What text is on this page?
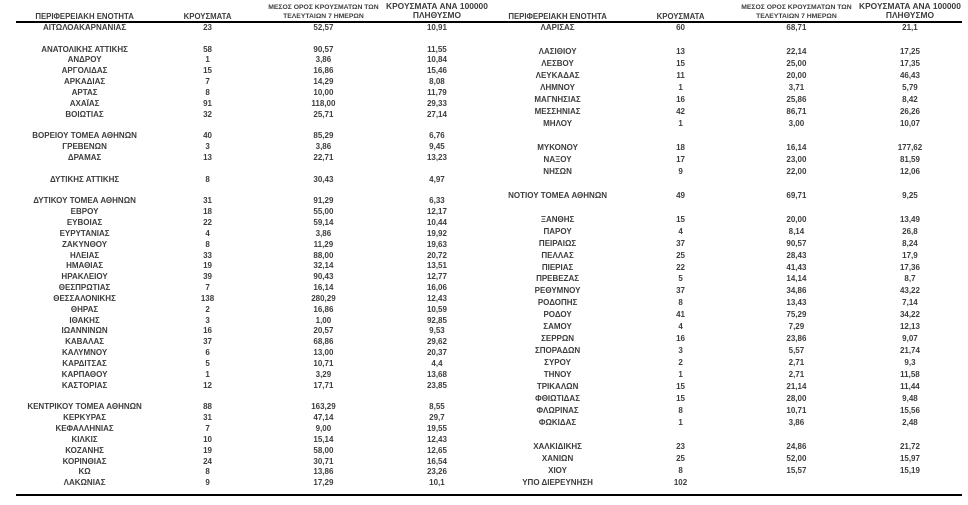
ΠΕΡΙΦΕΡΕΙΑΚΗ ΕΝΟΤΗΤΑ	ΚΡΟΥΣΜΑΤΑ

ΜΕΣΟΣ ΟΡΟΣ ΚΡΟΥΣΜΑΤΩΝ ΤΩΝ
ΤΕΛΕΥΤΑΙΩΝ 7 ΗΜΕΡΩΝ

ΚΡΟΥΣΜΑΤΑ ΑΝΑ 100000
ΠΛΗΘΥΣΜΟ

ΑΙΤΩΛΟΑΚΑΡΝΑΝΙΑΣ	23	52,57	10,91

ΑΝΑΤΟΛΙΚΗΣ ΑΤΤΙΚΗΣ	58	90,57	11,55
ΑΝΔΡΟΥ	1	3,86	10,84
ΑΡΓΟΛΙΔΑΣ	15	16,86	15,46
ΑΡΚΑΔΙΑΣ	7	14,29	8,08
ΑΡΤΑΣ	8	10,00	11,79
ΑΧΑΪΑΣ	91	118,00	29,33
ΒΟΙΩΤΙΑΣ	32	25,71	27,14

ΒΟΡΕΙΟΥ ΤΟΜΕΑ ΑΘΗΝΩΝ	40	85,29	6,76
ΓΡΕΒΕΝΩΝ	3	3,86	9,45
ΔΡΑΜΑΣ	13	22,71	13,23

ΔΥΤΙΚΗΣ ΑΤΤΙΚΗΣ	8	30,43	4,97

ΔΥΤΙΚΟΥ ΤΟΜΕΑ ΑΘΗΝΩΝ	31	91,29	6,33
ΕΒΡΟΥ	18	55,00	12,17
ΕΥΒΟΙΑΣ	22	59,14	10,44
ΕΥΡΥΤΑΝΙΑΣ	4	3,86	19,92
ΖΑΚΥΝΘΟΥ	8	11,29	19,63
ΗΛΕΙΑΣ	33	88,00	20,72
ΗΜΑΘΙΑΣ	19	32,14	13,51
ΗΡΑΚΛΕΙΟΥ	39	90,43	12,77
ΘΕΣΠΡΩΤΙΑΣ	7	16,14	16,06
ΘΕΣΣΑΛΟΝΙΚΗΣ	138	280,29	12,43
ΘΗΡΑΣ	2	16,86	10,59
ΙΘΑΚΗΣ	3	1,00	92,85
ΙΩΑΝΝΙΝΩΝ	16	20,57	9,53
ΚΑΒΑΛΑΣ	37	68,86	29,62
ΚΑΛΥΜΝΟΥ	6	13,00	20,37
ΚΑΡΔΙΤΣΑΣ	5	10,71	4,4
ΚΑΡΠΑΘΟΥ	1	3,29	13,68
ΚΑΣΤΟΡΙΑΣ	12	17,71	23,85

ΚΕΝΤΡΙΚΟΥ ΤΟΜΕΑ ΑΘΗΝΩΝ	88	163,29	8,55
ΚΕΡΚΥΡΑΣ	31	47,14	29,7
ΚΕΦΑΛΛΗΝΙΑΣ	7	9,00	19,55
ΚΙΛΚΙΣ	10	15,14	12,43
ΚΟΖΑΝΗΣ	19	58,00	12,65
ΚΟΡΙΝΘΙΑΣ	24	30,71	16,54
ΚΩ	8	13,86	23,26
ΛΑΚΩΝΙΑΣ	9	17,29	10,1
ΠΕΡΙΦΕΡΕΙΑΚΗ ΕΝΟΤΗΤΑ	ΚΡΟΥΣΜΑΤΑ

ΜΕΣΟΣ ΟΡΟΣ ΚΡΟΥΣΜΑΤΩΝ ΤΩΝ
ΤΕΛΕΥΤΑΙΩΝ 7 ΗΜΕΡΩΝ

ΚΡΟΥΣΜΑΤΑ ΑΝΑ 100000
ΠΛΗΘΥΣΜΟ

ΛΑΡΙΣΑΣ	60	68,71	21,1

ΛΑΣΙΘΙΟΥ	13	22,14	17,25
ΛΕΣΒΟΥ	15	25,00	17,35
ΛΕΥΚΑΔΑΣ	11	20,00	46,43
ΛΗΜΝΟΥ	1	3,71	5,79
ΜΑΓΝΗΣΙΑΣ	16	25,86	8,42
ΜΕΣΣΗΝΙΑΣ	42	86,71	26,26
ΜΗΛΟΥ	1	3,00	10,07

ΜΥΚΟΝΟΥ	18	16,14	177,62
ΝΑΞΟΥ	17	23,00	81,59
ΝΗΣΩΝ	9	22,00	12,06

ΝΟΤΙΟΥ ΤΟΜΕΑ ΑΘΗΝΩΝ	49	69,71	9,25

ΞΑΝΘΗΣ	15	20,00	13,49
ΠΑΡΟΥ	4	8,14	26,8
ΠΕΙΡΑΙΩΣ	37	90,57	8,24
ΠΕΛΛΑΣ	25	28,43	17,9
ΠΙΕΡΙΑΣ	22	41,43	17,36
ΠΡΕΒΕΖΑΣ	5	14,14	8,7
ΡΕΘΥΜΝΟΥ	37	34,86	43,22
ΡΟΔΟΠΗΣ	8	13,43	7,14
ΡΟΔΟΥ	41	75,29	34,22
ΣΑΜΟΥ	4	7,29	12,13
ΣΕΡΡΩΝ	16	23,86	9,07
ΣΠΟΡΑΔΩΝ	3	5,57	21,74
ΣΥΡΟΥ	2	2,71	9,3
ΤΗΝΟΥ	1	2,71	11,58
ΤΡΙΚΑΛΩΝ	15	21,14	11,44
ΦΘΙΩΤΙΔΑΣ	15	28,00	9,48
ΦΛΩΡΙΝΑΣ	8	10,71	15,56
ΦΩΚΙΔΑΣ	1	3,86	2,48

ΧΑΛΚΙΔΙΚΗΣ	23	24,86	21,72
ΧΑΝΙΩΝ	25	52,00	15,97
ΧΙΟΥ	8	15,57	15,19
ΥΠΟ ΔΙΕΡΕΥΝΗΣΗ	102		
